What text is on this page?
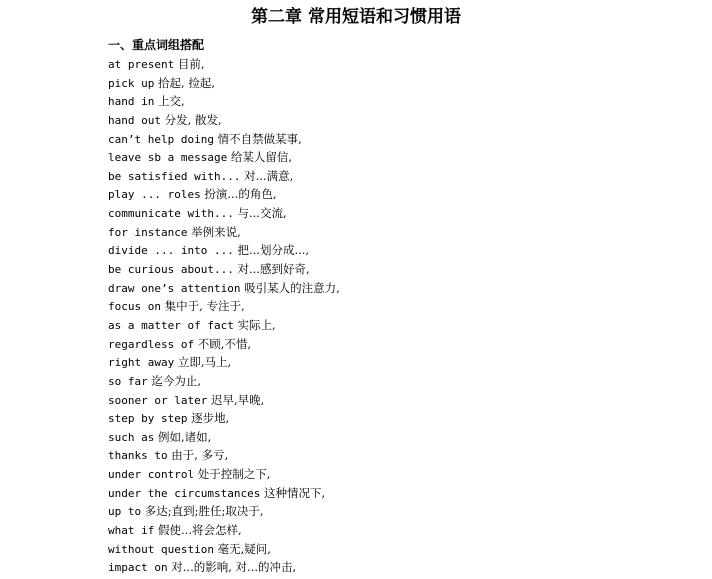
第二章 常用短语和习惯用语
一、重点词组搭配
at present 目前,
pick up 拾起, 捡起,
hand in 上交,
hand out 分发, 散发,
can’t help doing 情不自禁做某事,
leave sb a message 给某人留信,
be satisfied with... 对...满意,
play ... roles 扮演...的角色,
communicate with... 与...交流,
for instance 举例来说,
divide ... into ... 把...划分成...,
be curious about... 对...感到好奇,
draw one’s attention 吸引某人的注意力,
focus on 集中于, 专注于,
as a matter of fact 实际上,
regardless of 不顾,不惜,
right away 立即,马上,
so far 迄今为止,
sooner or later 迟早,早晚,
step by step 逐步地,
such as 例如,诸如,
thanks to 由于, 多亏,
under control 处于控制之下,
under the circumstances 这种情况下,
up to 多达;直到;胜任;取决于,
what if 假使...将会怎样,
without question 毫无,疑问,
impact on 对...的影响, 对...的冲击,
